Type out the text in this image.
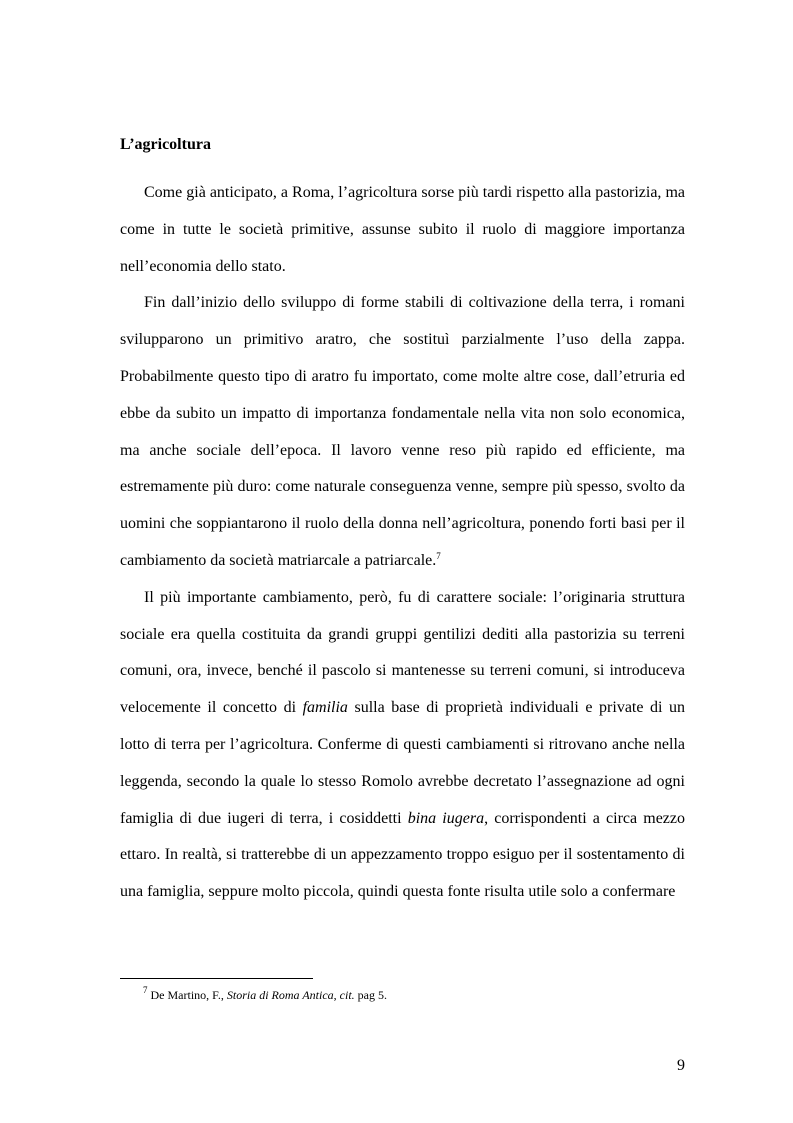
L’agricoltura

Come già anticipato, a Roma, l’agricoltura sorse più tardi rispetto alla pastorizia, ma come in tutte le società primitive, assunse subito il ruolo di maggiore importanza nell’economia dello stato.

Fin dall’inizio dello sviluppo di forme stabili di coltivazione della terra, i romani svilupparono un primitivo aratro, che sostituì parzialmente l’uso della zappa. Probabilmente questo tipo di aratro fu importato, come molte altre cose, dall’etruria ed ebbe da subito un impatto di importanza fondamentale nella vita non solo economica, ma anche sociale dell’epoca. Il lavoro venne reso più rapido ed efficiente, ma estremamente più duro: come naturale conseguenza venne, sempre più spesso, svolto da uomini che soppiantarono il ruolo della donna nell’agricoltura, ponendo forti basi per il cambiamento da società matriarcale a patriarcale.$^7$

Il più importante cambiamento, però, fu di carattere sociale: l’originaria struttura sociale era quella costituita da grandi gruppi gentilizi dediti alla pastorizia su terreni comuni, ora, invece, benché il pascolo si mantenesse su terreni comuni, si introduceva velocemente il concetto di familia sulla base di proprietà individuali e private di un lotto di terra per l’agricoltura. Conferme di questi cambiamenti si ritrovano anche nella leggenda, secondo la quale lo stesso Romolo avrebbe decretato l’assegnazione ad ogni famiglia di due iugeri di terra, i cosiddetti bina iugera, corrispondenti a circa mezzo ettaro. In realtà, si tratterebbe di un appezzamento troppo esiguo per il sostentamento di una famiglia, seppure molto piccola, quindi questa fonte risulta utile solo a confermare

$^7$ De Martino, F., Storia di Roma Antica, cit. pag 5.

9
